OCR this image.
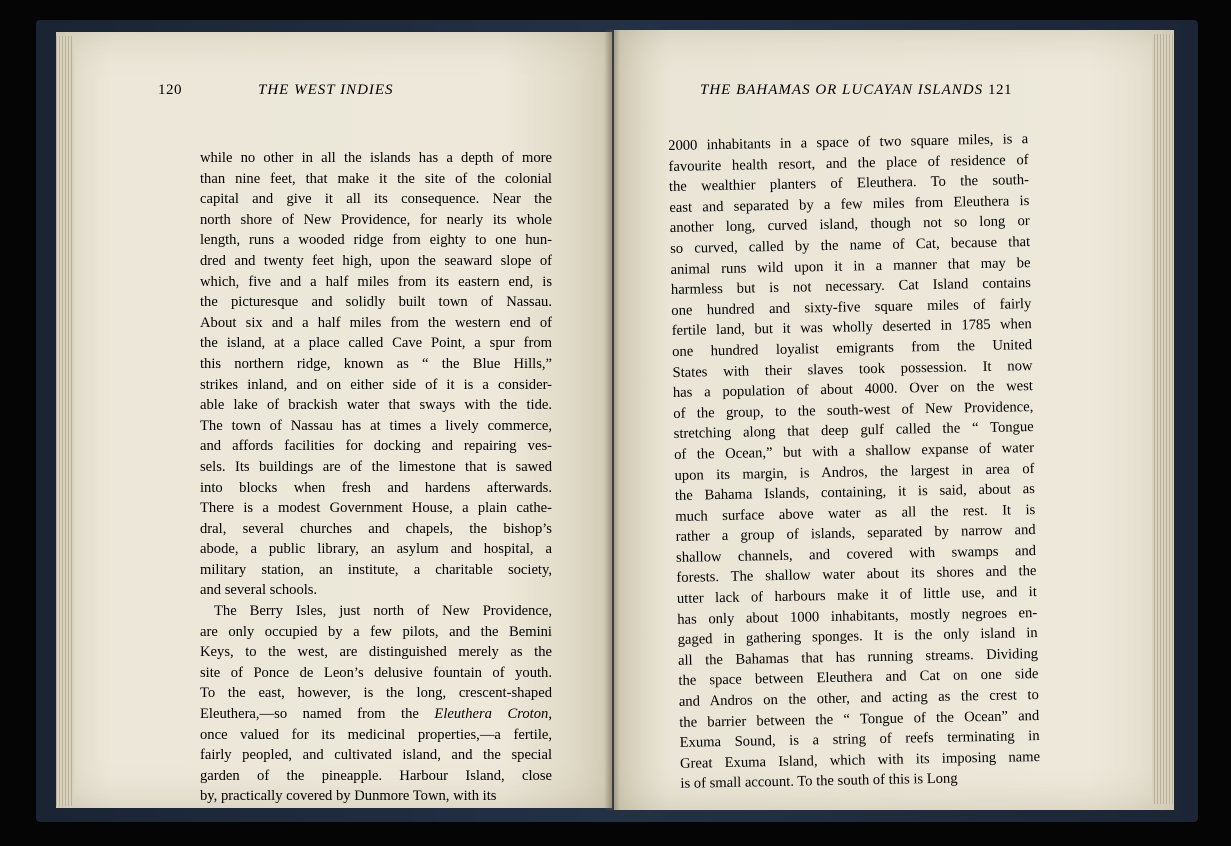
120	THE WEST INDIES	THE BAHAMAS OR LUCAYAN ISLANDS 121
while no other in all the islands has a depth of more
than nine feet, that make it the site of the colonial
capital and give it all its consequence. Near the
north shore of New Providence, for nearly its whole
length, runs a wooded ridge from eighty to one hun-
dred and twenty feet high, upon the seaward slope of
which, five and a half miles from its eastern end, is
the picturesque and solidly built town of Nassau.
About six and a half miles from the western end of
the island, at a place called Cave Point, a spur from
this northern ridge, known as “ the Blue Hills,”
strikes inland, and on either side of it is a consider-
able lake of brackish water that sways with the tide.
The town of Nassau has at times a lively commerce,
and affords facilities for docking and repairing ves-
sels. Its buildings are of the limestone that is sawed
into blocks when fresh and hardens afterwards.
There is a modest Government House, a plain cathe-
dral, several churches and chapels, the bishop’s
abode, a public library, an asylum and hospital, a
military station, an institute, a charitable society,
and several schools.
The Berry Isles, just north of New Providence,
are only occupied by a few pilots, and the Bemini
Keys, to the west, are distinguished merely as the
site of Ponce de Leon’s delusive fountain of youth.
To the east, however, is the long, crescent-shaped
Eleuthera,—so named from the Eleuthera Croton,
once valued for its medicinal properties,—a fertile,
fairly peopled, and cultivated island, and the special
garden of the pineapple. Harbour Island, close
by, practically covered by Dunmore Town, with its
2000 inhabitants in a space of two square miles, is a
favourite health resort, and the place of residence of
the wealthier planters of Eleuthera. To the south-
east and separated by a few miles from Eleuthera is
another long, curved island, though not so long or
so curved, called by the name of Cat, because that
animal runs wild upon it in a manner that may be
harmless but is not necessary. Cat Island contains
one hundred and sixty-five square miles of fairly
fertile land, but it was wholly deserted in 1785 when
one hundred loyalist emigrants from the United
States with their slaves took possession. It now
has a population of about 4000. Over on the west
of the group, to the south-west of New Providence,
stretching along that deep gulf called the “ Tongue
of the Ocean,” but with a shallow expanse of water
upon its margin, is Andros, the largest in area of
the Bahama Islands, containing, it is said, about as
much surface above water as all the rest. It is
rather a group of islands, separated by narrow and
shallow channels, and covered with swamps and
forests. The shallow water about its shores and the
utter lack of harbours make it of little use, and it
has only about 1000 inhabitants, mostly negroes en-
gaged in gathering sponges. It is the only island in
all the Bahamas that has running streams. Dividing
the space between Eleuthera and Cat on one side
and Andros on the other, and acting as the crest to
the barrier between the “ Tongue of the Ocean” and
Exuma Sound, is a string of reefs terminating in
Great Exuma Island, which with its imposing name
is of small account. To the south of this is Long
